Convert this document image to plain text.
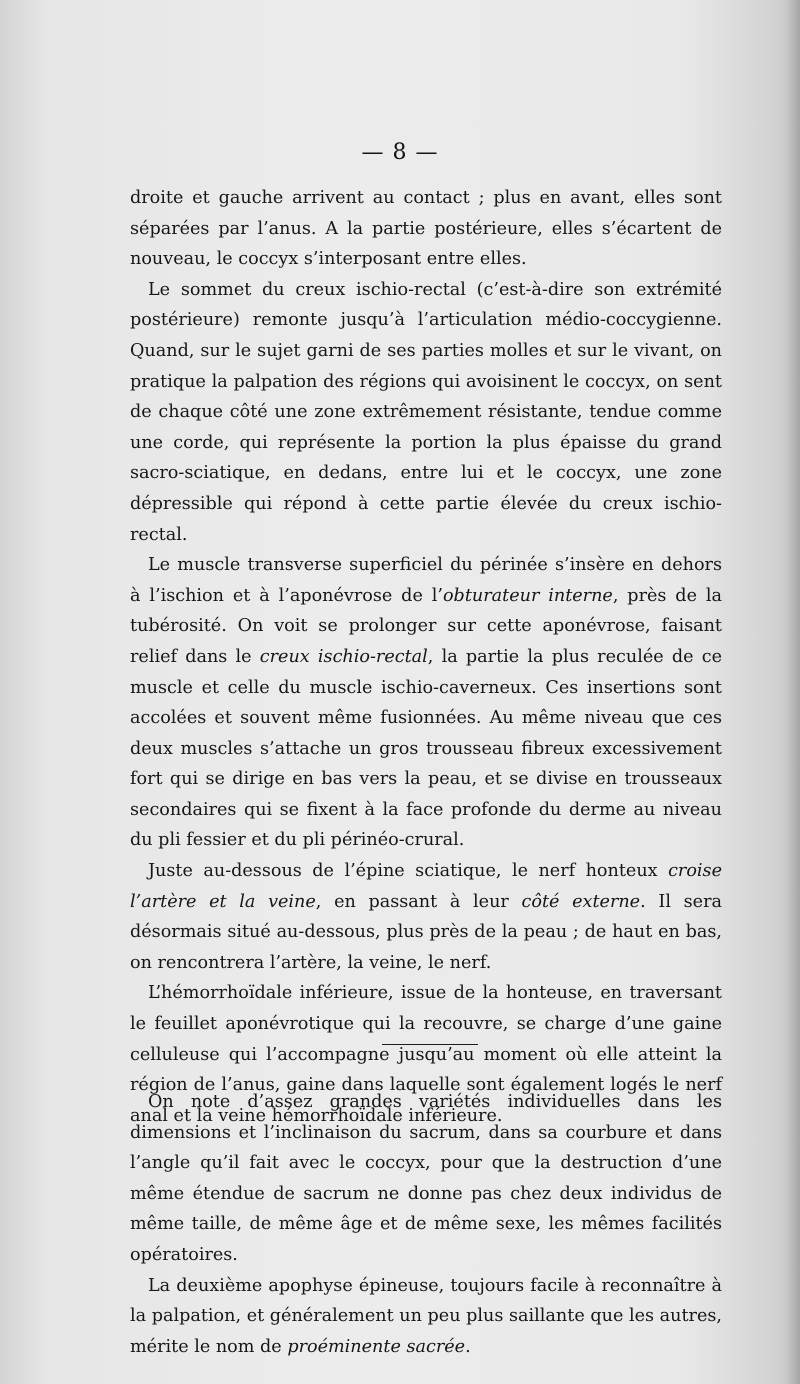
— 8 —

droite et gauche arrivent au contact ; plus en avant, elles sont séparées par l’anus. A la partie postérieure, elles s’écartent de nouveau, le coccyx s’interposant entre elles.

Le sommet du creux ischio-rectal (c’est-à-dire son extrémité postérieure) remonte jusqu’à l’articulation médio-coccygienne. Quand, sur le sujet garni de ses parties molles et sur le vivant, on pratique la palpation des régions qui avoisinent le coccyx, on sent de chaque côté une zone extrêmement résistante, tendue comme une corde, qui représente la portion la plus épaisse du grand sacro-sciatique, en dedans, entre lui et le coccyx, une zone dépressible qui répond à cette partie élevée du creux ischio-rectal.

Le muscle transverse superficiel du périnée s’insère en dehors à l’ischion et à l’aponévrose de l’obturateur interne, près de la tubérosité. On voit se prolonger sur cette aponévrose, faisant relief dans le creux ischio-rectal, la partie la plus reculée de ce muscle et celle du muscle ischio-caverneux. Ces insertions sont accolées et souvent même fusionnées. Au même niveau que ces deux muscles s’attache un gros trousseau fibreux excessivement fort qui se dirige en bas vers la peau, et se divise en trousseaux secondaires qui se fixent à la face profonde du derme au niveau du pli fessier et du pli périnéo-crural.

Juste au-dessous de l’épine sciatique, le nerf honteux croise l’artère et la veine, en passant à leur côté externe. Il sera désormais situé au-dessous, plus près de la peau ; de haut en bas, on rencontrera l’artère, la veine, le nerf.

L’hémorrhoïdale inférieure, issue de la honteuse, en traversant le feuillet aponévrotique qui la recouvre, se charge d’une gaine celluleuse qui l’accompagne jusqu’au moment où elle atteint la région de l’anus, gaine dans laquelle sont également logés le nerf anal et la veine hémorrhoïdale inférieure.

On note d’assez grandes variétés individuelles dans les dimensions et l’inclinaison du sacrum, dans sa courbure et dans l’angle qu’il fait avec le coccyx, pour que la destruction d’une même étendue de sacrum ne donne pas chez deux individus de même taille, de même âge et de même sexe, les mêmes facilités opératoires.

La deuxième apophyse épineuse, toujours facile à reconnaître à la palpation, et généralement un peu plus saillante que les autres, mérite le nom de proéminente sacrée.
